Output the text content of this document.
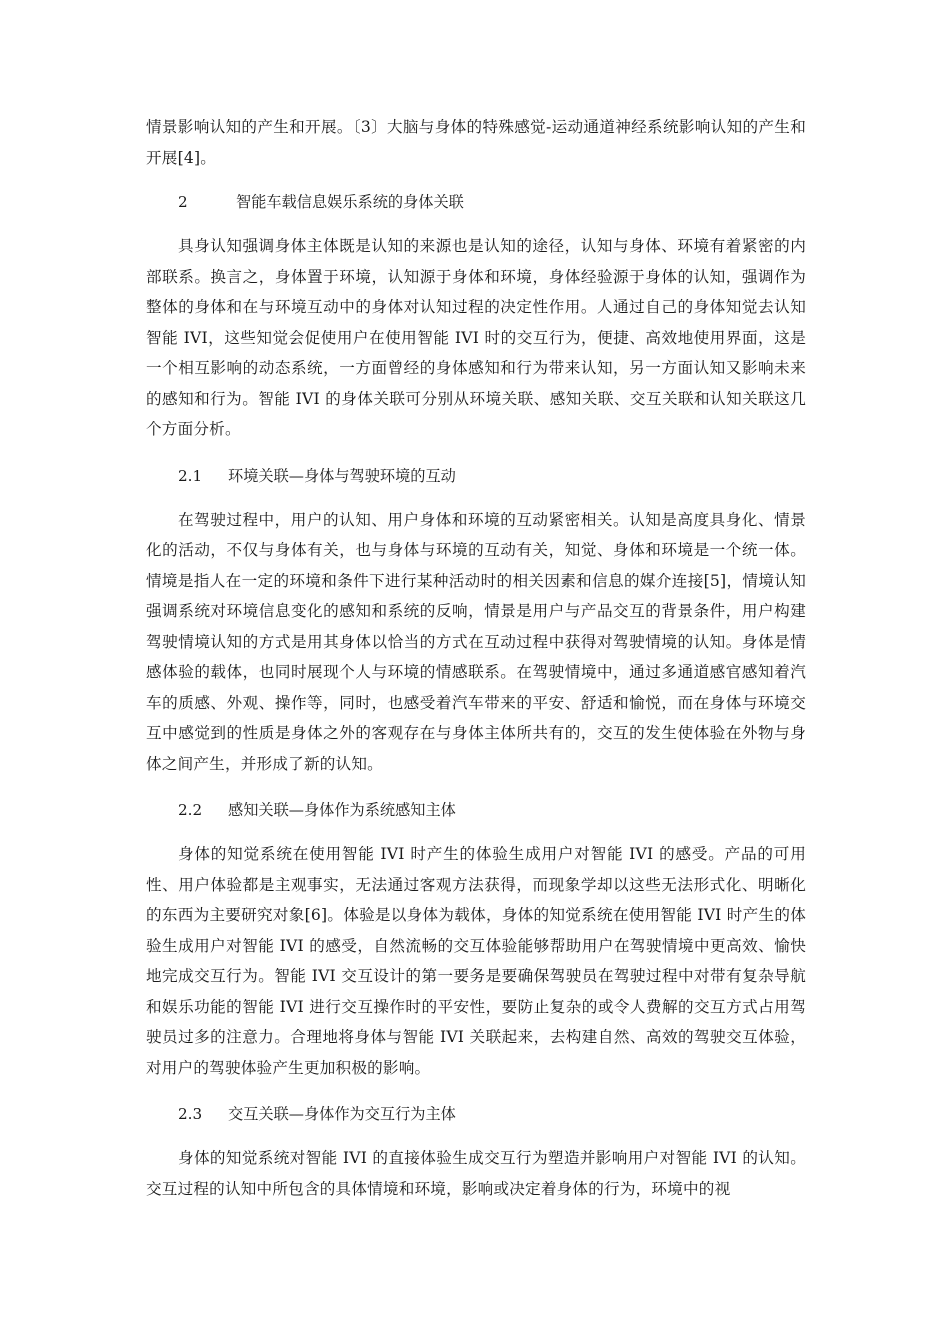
情景影响认知的产生和开展。〔3〕大脑与身体的特殊感觉-运动通道神经系统影响认知的产生和开展[4]。

2	智能车载信息娱乐系统的身体关联

具身认知强调身体主体既是认知的来源也是认知的途径，认知与身体、环境有着紧密的内部联系。换言之，身体置于环境，认知源于身体和环境，身体经验源于身体的认知，强调作为整体的身体和在与环境互动中的身体对认知过程的决定性作用。人通过自己的身体知觉去认知智能 IVI，这些知觉会促使用户在使用智能 IVI 时的交互行为，便捷、高效地使用界面，这是一个相互影响的动态系统，一方面曾经的身体感知和行为带来认知，另一方面认知又影响未来的感知和行为。智能 IVI 的身体关联可分别从环境关联、感知关联、交互关联和认知关联这几个方面分析。

2.1 环境关联—身体与驾驶环境的互动

在驾驶过程中，用户的认知、用户身体和环境的互动紧密相关。认知是高度具身化、情景化的活动，不仅与身体有关，也与身体与环境的互动有关，知觉、身体和环境是一个统一体。情境是指人在一定的环境和条件下进行某种活动时的相关因素和信息的媒介连接[5]，情境认知强调系统对环境信息变化的感知和系统的反响，情景是用户与产品交互的背景条件，用户构建驾驶情境认知的方式是用其身体以恰当的方式在互动过程中获得对驾驶情境的认知。身体是情感体验的载体，也同时展现个人与环境的情感联系。在驾驶情境中，通过多通道感官感知着汽车的质感、外观、操作等，同时，也感受着汽车带来的平安、舒适和愉悦，而在身体与环境交互中感觉到的性质是身体之外的客观存在与身体主体所共有的，交互的发生使体验在外物与身体之间产生，并形成了新的认知。

2.2 感知关联—身体作为系统感知主体

身体的知觉系统在使用智能 IVI 时产生的体验生成用户对智能 IVI 的感受。产品的可用性、用户体验都是主观事实，无法通过客观方法获得，而现象学却以这些无法形式化、明晰化的东西为主要研究对象[6]。体验是以身体为载体，身体的知觉系统在使用智能 IVI 时产生的体验生成用户对智能 IVI 的感受，自然流畅的交互体验能够帮助用户在驾驶情境中更高效、愉快地完成交互行为。智能 IVI 交互设计的第一要务是要确保驾驶员在驾驶过程中对带有复杂导航和娱乐功能的智能 IVI 进行交互操作时的平安性，要防止复杂的或令人费解的交互方式占用驾驶员过多的注意力。合理地将身体与智能 IVI 关联起来，去构建自然、高效的驾驶交互体验，对用户的驾驶体验产生更加积极的影响。

2.3 交互关联—身体作为交互行为主体

身体的知觉系统对智能 IVI 的直接体验生成交互行为塑造并影响用户对智能 IVI 的认知。交互过程的认知中所包含的具体情境和环境，影响或决定着身体的行为，环境中的视
